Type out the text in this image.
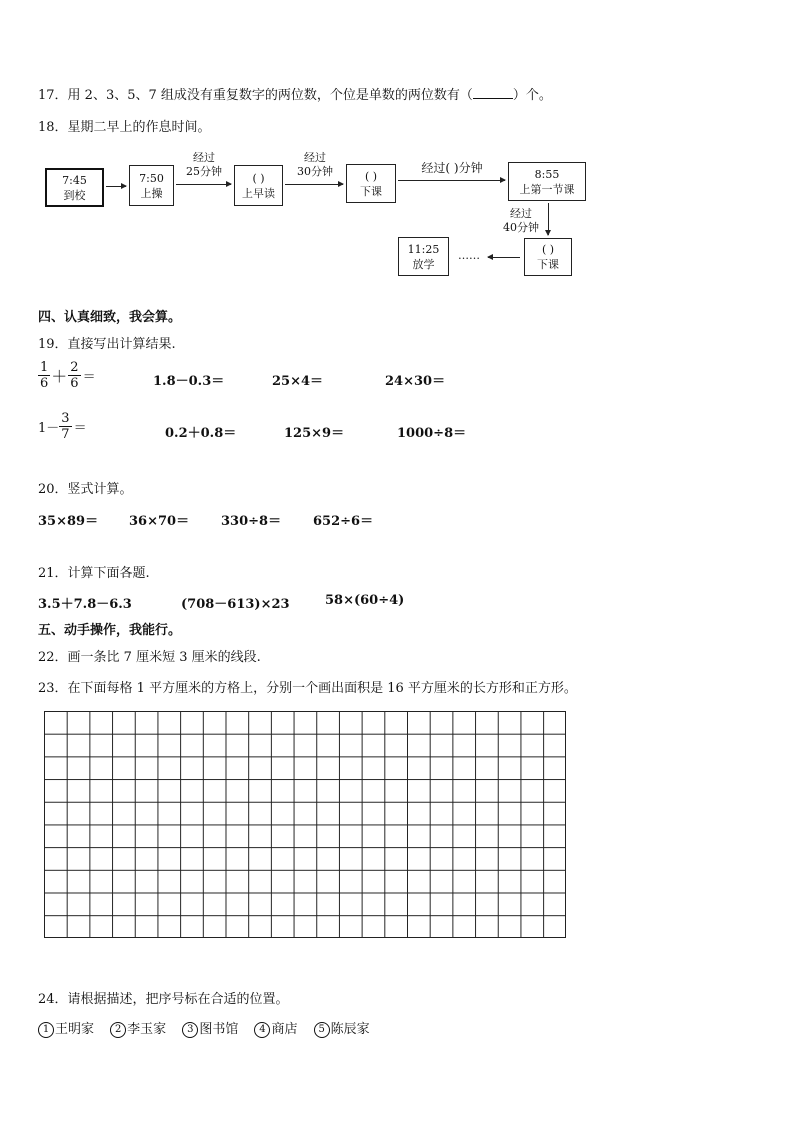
17．用 2、3、5、7 组成没有重复数字的两位数，个位是单数的两位数有（	）个。
18．星期二早上的作息时间。
7:45
到校
7:50
上操
经过
25分钟	( )
上早读
经过
30分钟	( )
下课
经过( )分钟	8:55
上第一节课
经过
40分钟
( )
下课
……
11:25
放学
四、认真细致，我会算。
19．直接写出计算结果.
$\frac{1}{6} + \frac{2}{6}$ ＝	1.8－0.3＝	25×4＝	24×30＝
$1- \frac{3}{7}$ ＝	0.2＋0.8＝	125×9＝	1000÷8＝
20．竖式计算。
35×89＝ 36×70＝ 330÷8＝ 652÷6＝
21．计算下面各题.
3.5＋7.8－6.3	(708－613)×23	58×(60÷4)
五、动手操作，我能行。
22．画一条比 7 厘米短 3 厘米的线段.
23．在下面每格 1 平方厘米的方格上，分别一个画出面积是 16 平方厘米的长方形和正方形。
24．请根据描述，把序号标在合适的位置。
1 王明家 2 李玉家 3 图书馆 4 商店 5 陈辰家
